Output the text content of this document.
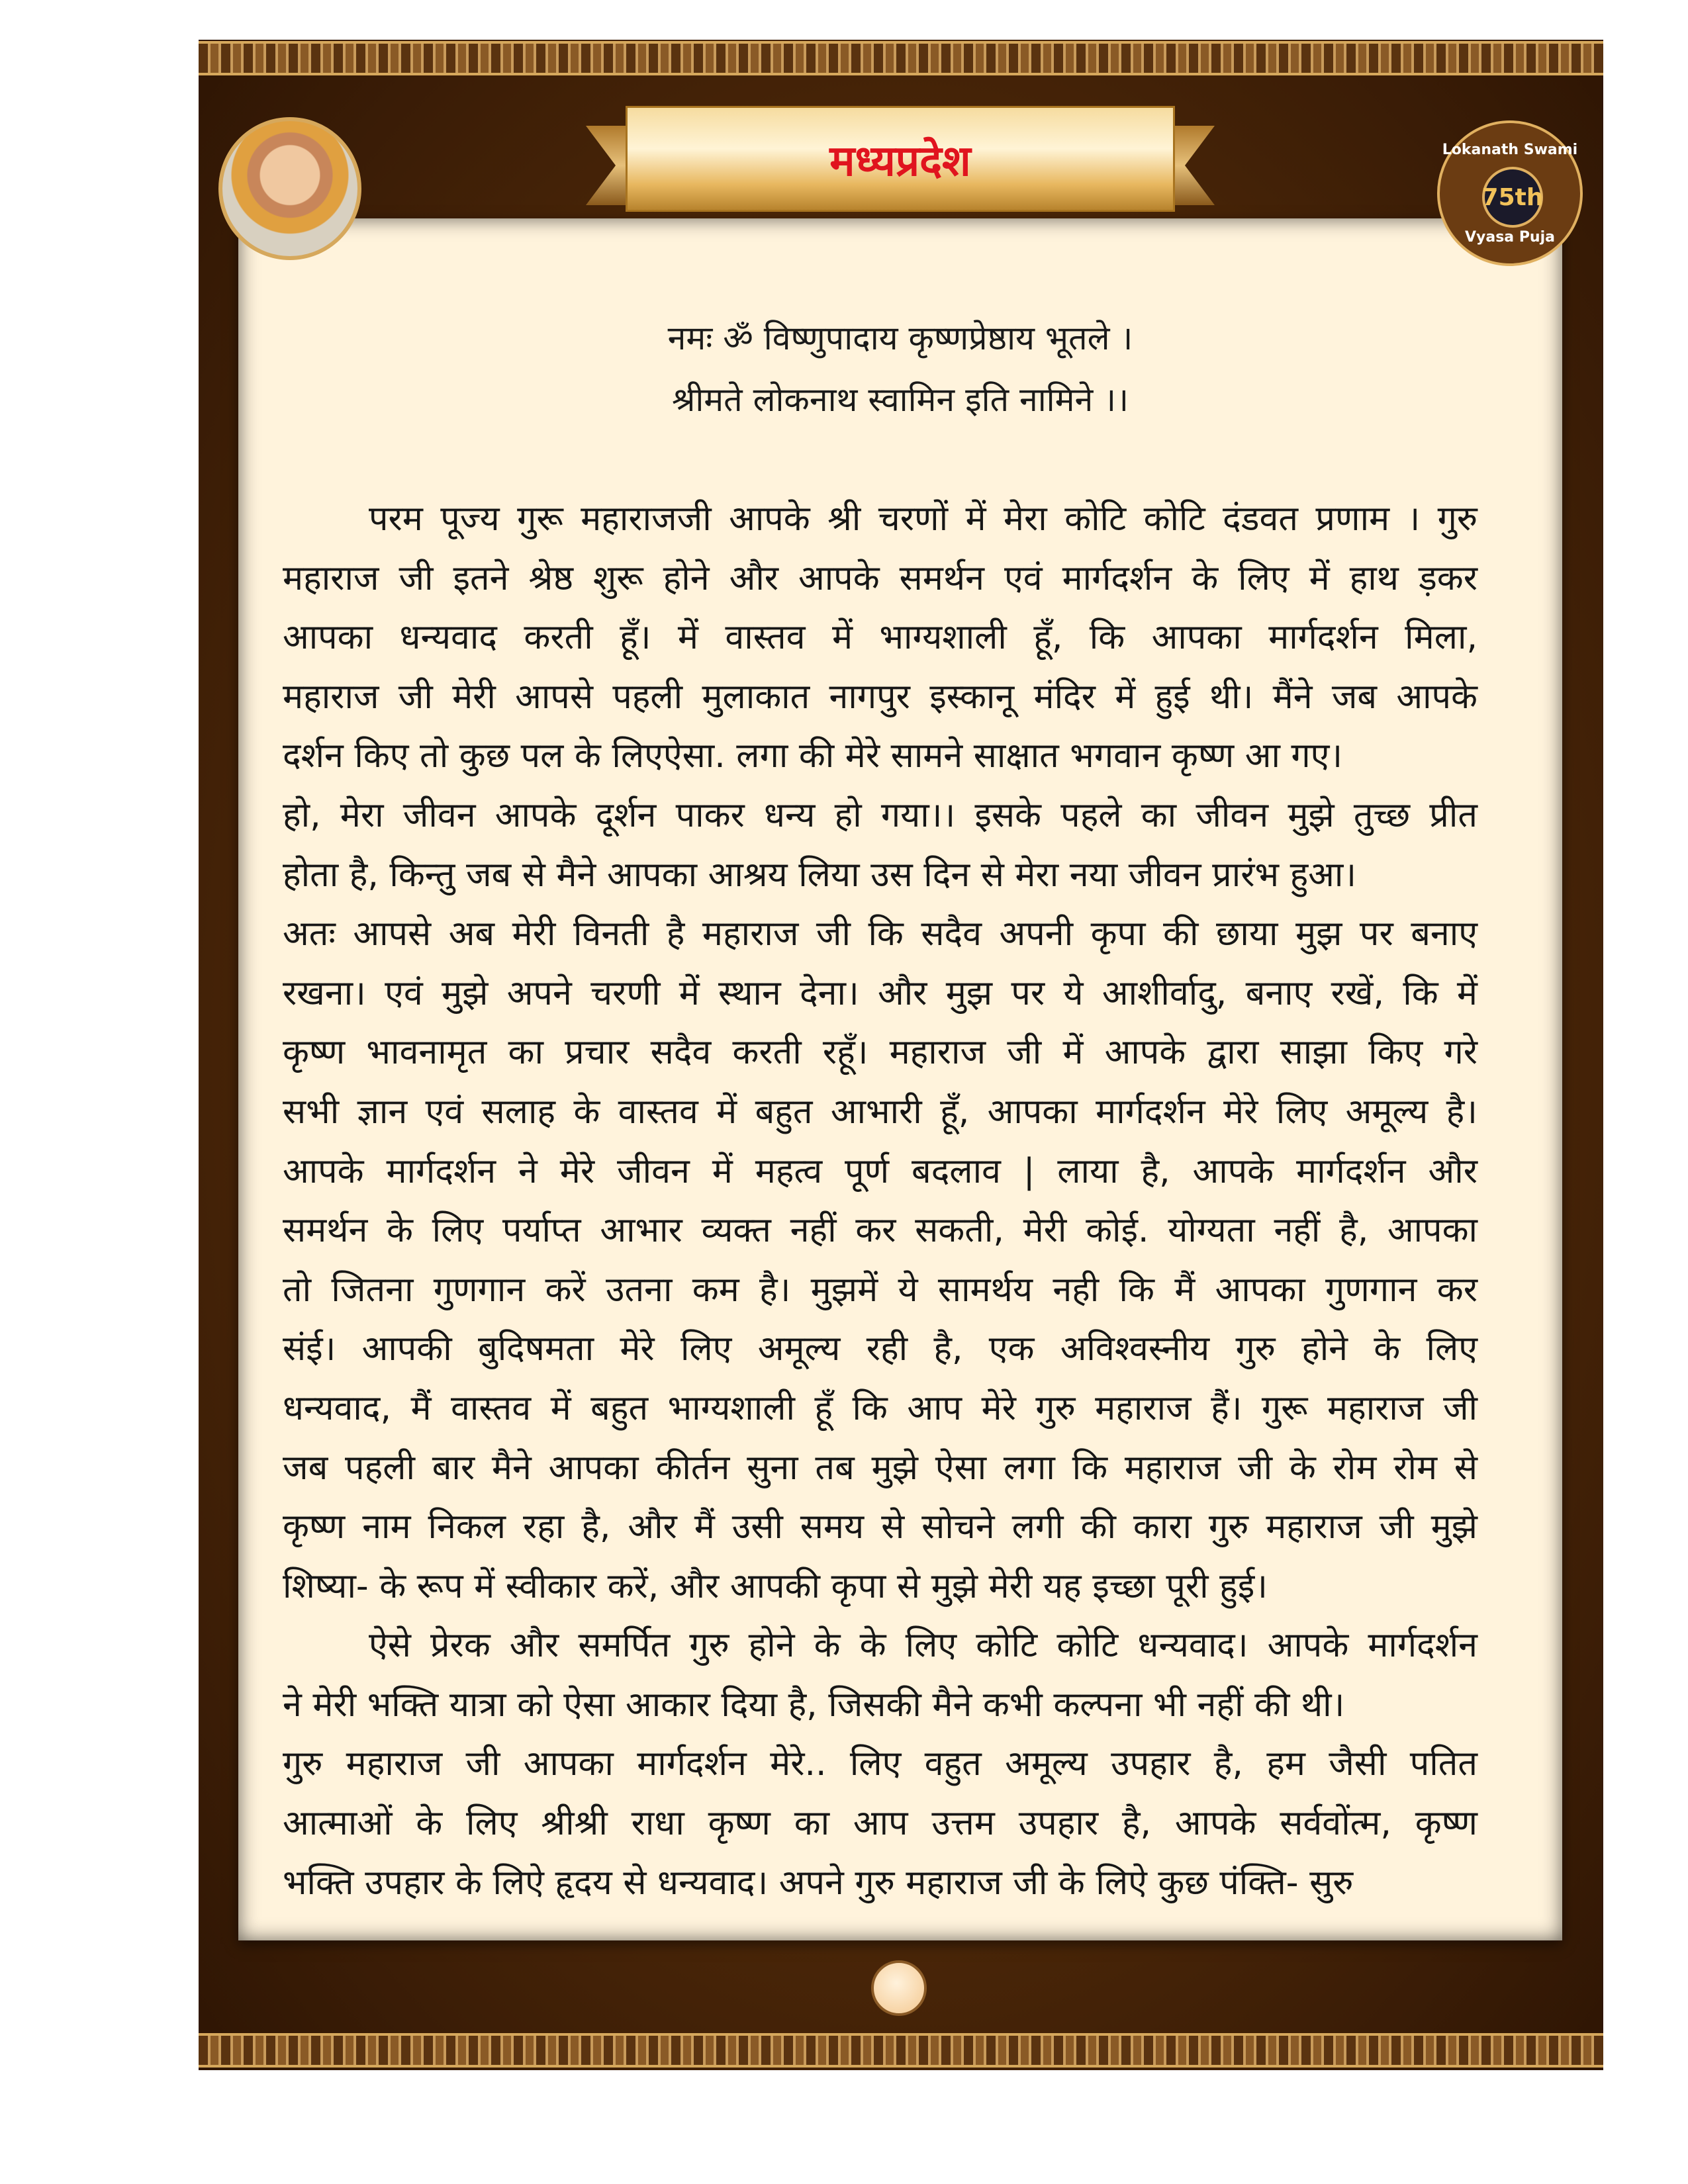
मध्यप्रदेश
75th
Lokanath Swami
Vyasa Puja
नमः ॐ विष्णुपादाय कृष्णप्रेष्ठाय भूतले ।
श्रीमते लोकनाथ स्वामिन इति नामिने ।।
परम पूज्य गुरू महाराजजी आपके श्री चरणों में मेरा कोटि कोटि दंडवत प्रणाम । गुरु
महाराज जी इतने श्रेष्ठ शुरू होने और आपके समर्थन एवं मार्गदर्शन के लिए में हाथ ड़कर
आपका धन्यवाद करती हूँ। में वास्तव में भाग्यशाली हूँ, कि आपका मार्गदर्शन मिला,
महाराज जी मेरी आपसे पहली मुलाकात नागपुर इस्कानू मंदिर में हुई थी। मैंने जब आपके
दर्शन किए तो कुछ पल के लिएऐसा. लगा की मेरे सामने साक्षात भगवान कृष्ण आ गए।
हो, मेरा जीवन आपके दूर्शन पाकर धन्य हो गया।। इसके पहले का जीवन मुझे तुच्छ प्रीत
होता है, किन्तु जब से मैने आपका आश्रय लिया उस दिन से मेरा नया जीवन प्रारंभ हुआ।
अतः आपसे अब मेरी विनती है महाराज जी कि सदैव अपनी कृपा की छाया मुझ पर बनाए
रखना। एवं मुझे अपने चरणी में स्थान देना। और मुझ पर ये आशीर्वादु, बनाए रखें, कि में
कृष्ण भावनामृत का प्रचार सदैव करती रहूँ। महाराज जी में आपके द्वारा साझा किए गरे
सभी ज्ञान एवं सलाह के वास्तव में बहुत आभारी हूँ, आपका मार्गदर्शन मेरे लिए अमूल्य है।
आपके मार्गदर्शन ने मेरे जीवन में महत्व पूर्ण बदलाव | लाया है, आपके मार्गदर्शन और
समर्थन के लिए पर्याप्त आभार व्यक्त नहीं कर सकती, मेरी कोई. योग्यता नहीं है, आपका
तो जितना गुणगान करें उतना कम है। मुझमें ये सामर्थय नही कि मैं आपका गुणगान कर
संई। आपकी बुदिषमता मेरे लिए अमूल्य रही है, एक अविश्वस्नीय गुरु होने के लिए
धन्यवाद, मैं वास्तव में बहुत भाग्यशाली हूँ कि आप मेरे गुरु महाराज हैं। गुरू महाराज जी
जब पहली बार मैने आपका कीर्तन सुना तब मुझे ऐसा लगा कि महाराज जी के रोम रोम से
कृष्ण नाम निकल रहा है, और मैं उसी समय से सोचने लगी की कारा गुरु महाराज जी मुझे
शिष्या- के रूप में स्वीकार करें, और आपकी कृपा से मुझे मेरी यह इच्छा पूरी हुई।
ऐसे प्रेरक और समर्पित गुरु होने के के लिए कोटि कोटि धन्यवाद। आपके मार्गदर्शन
ने मेरी भक्ति यात्रा को ऐसा आकार दिया है, जिसकी मैने कभी कल्पना भी नहीं की थी।
गुरु महाराज जी आपका मार्गदर्शन मेरे.. लिए वहुत अमूल्य उपहार है, हम जैसी पतित
आत्माओं के लिए श्रीश्री राधा कृष्ण का आप उत्तम उपहार है, आपके सर्ववोंत्म, कृष्ण
भक्ति उपहार के लिऐ हृदय से धन्यवाद। अपने गुरु महाराज जी के लिऐ कुछ पंक्ति- सुरु
